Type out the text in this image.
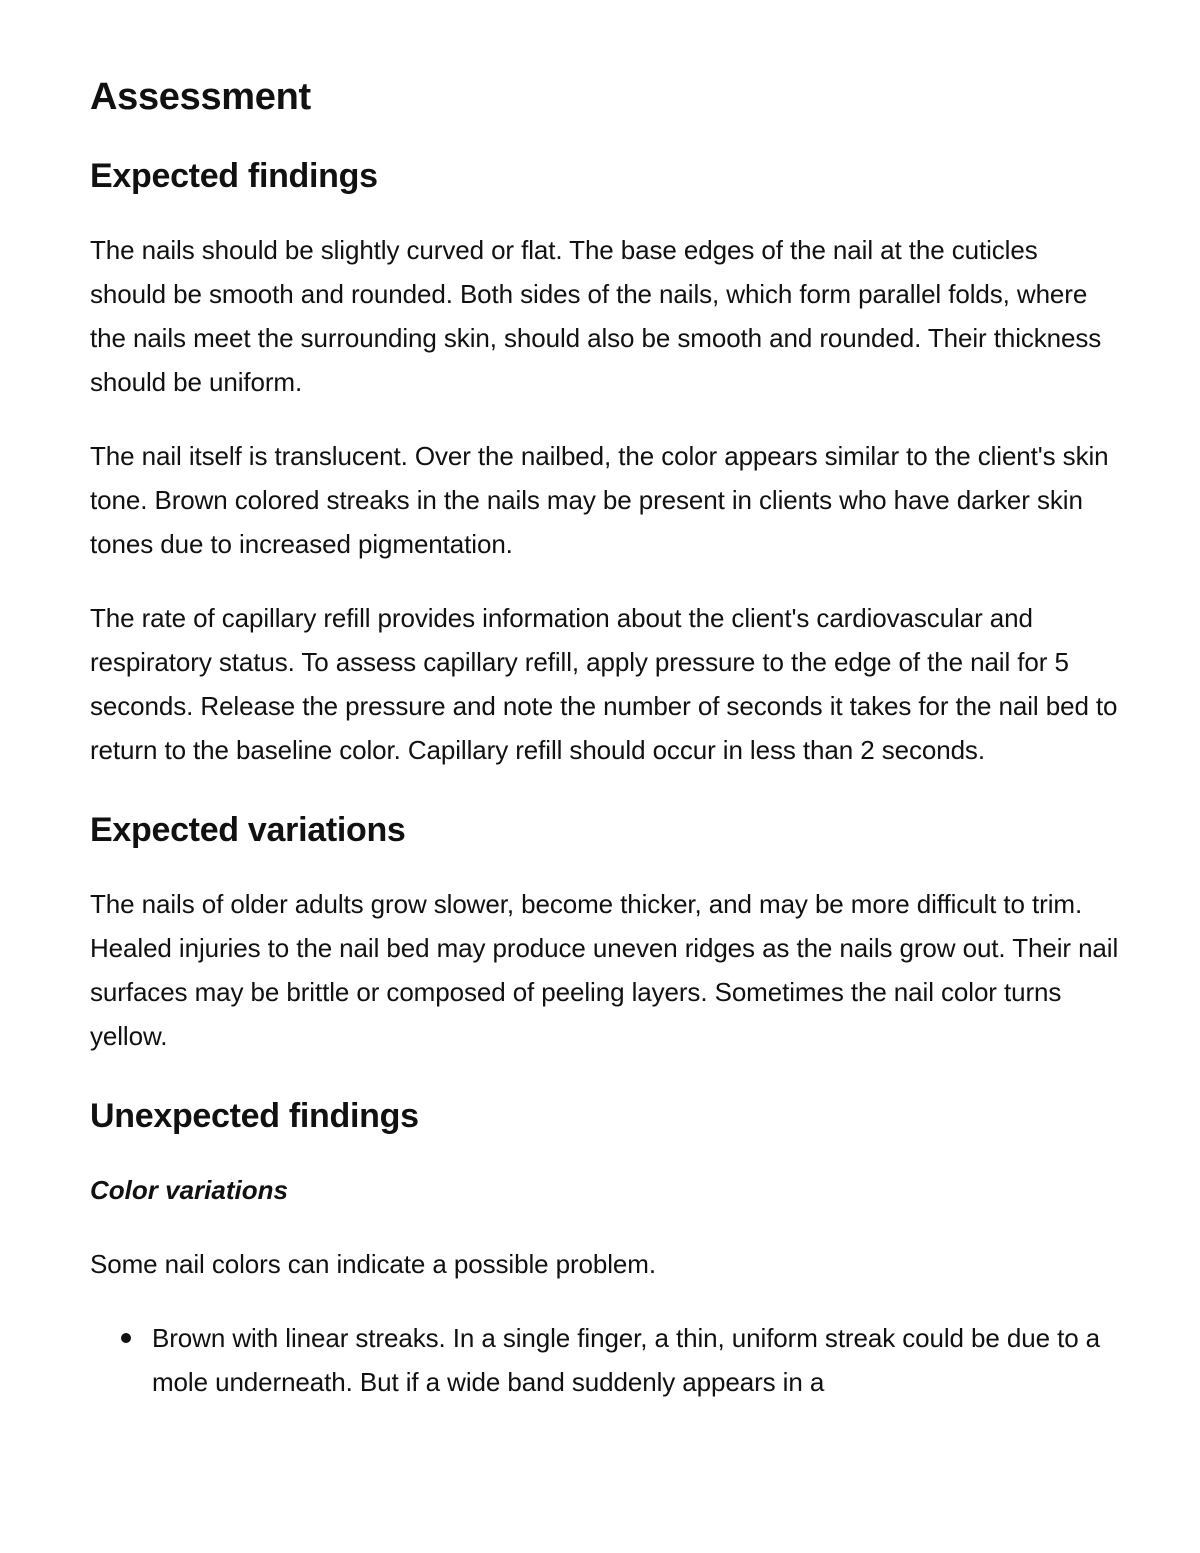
Assessment
Expected findings

The nails should be slightly curved or flat. The base edges of the nail at the cuticles should be smooth and rounded. Both sides of the nails, which form parallel folds, where the nails meet the surrounding skin, should also be smooth and rounded. Their thickness should be uniform.

The nail itself is translucent. Over the nailbed, the color appears similar to the client's skin tone. Brown colored streaks in the nails may be present in clients who have darker skin tones due to increased pigmentation.

The rate of capillary refill provides information about the client's cardiovascular and respiratory status. To assess capillary refill, apply pressure to the edge of the nail for 5 seconds. Release the pressure and note the number of seconds it takes for the nail bed to return to the baseline color. Capillary refill should occur in less than 2 seconds.

Expected variations

The nails of older adults grow slower, become thicker, and may be more difficult to trim. Healed injuries to the nail bed may produce uneven ridges as the nails grow out. Their nail surfaces may be brittle or composed of peeling layers. Sometimes the nail color turns yellow.

Unexpected findings
Color variations

Some nail colors can indicate a possible problem.

Brown with linear streaks. In a single finger, a thin, uniform streak could be due to a mole underneath. But if a wide band suddenly appears in a
